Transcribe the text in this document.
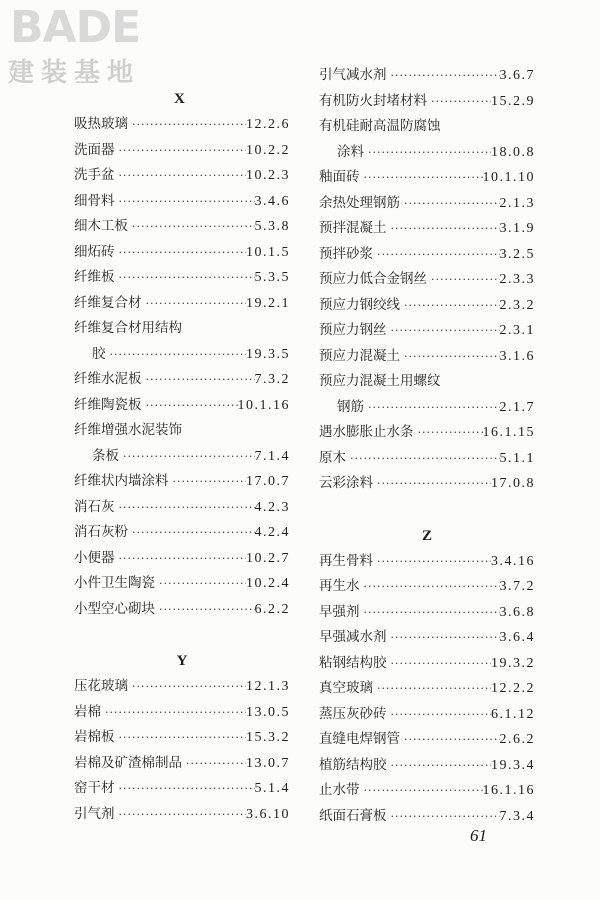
BADE
建装基地
X
吸热玻璃 ·····	12.2.6
洗面器 ·····	10.2.2
洗手盆 ·····	10.2.3
细骨料 ·····	3.4.6
细木工板 ·····	5.3.8
细炻砖 ·····	10.1.5
纤维板 ·····	5.3.5
纤维复合材 ·····	19.2.1
纤维复合材用结构
胶 ·····	19.3.5
纤维水泥板 ·····	7.3.2
纤维陶瓷板 ·····	10.1.16
纤维增强水泥装饰
条板 ·····	7.1.4
纤维状内墙涂料 ·····	17.0.7
消石灰 ·····	4.2.3
消石灰粉 ·····	4.2.4
小便器 ·····	10.2.7
小件卫生陶瓷 ·····	10.2.4
小型空心砌块 ·····	6.2.2
Y
压花玻璃 ·····	12.1.3
岩棉 ·····	13.0.5
岩棉板 ·····	15.3.2
岩棉及矿渣棉制品 ·····	13.0.7
窑干材 ·····	5.1.4
引气剂 ·····	3.6.10
引气减水剂 ·····	3.6.7
有机防火封堵材料 ·····	15.2.9
有机硅耐高温防腐蚀
涂料 ·····	18.0.8
釉面砖 ·····	10.1.10
余热处理钢筋 ·····	2.1.3
预拌混凝土 ·····	3.1.9
预拌砂浆 ·····	3.2.5
预应力低合金钢丝 ·····	2.3.3
预应力钢绞线 ·····	2.3.2
预应力钢丝 ·····	2.3.1
预应力混凝土 ·····	3.1.6
预应力混凝土用螺纹
钢筋 ·····	2.1.7
遇水膨胀止水条 ·····	16.1.15
原木 ·····	5.1.1
云彩涂料 ·····	17.0.8
Z
再生骨料 ·····	3.4.16
再生水 ·····	3.7.2
早强剂 ·····	3.6.8
早强减水剂 ·····	3.6.4
粘钢结构胶 ·····	19.3.2
真空玻璃 ·····	12.2.2
蒸压灰砂砖 ·····	6.1.12
直缝电焊钢管 ·····	2.6.2
植筋结构胶 ·····	19.3.4
止水带 ·····	16.1.16
纸面石膏板 ·····	7.3.4
61
